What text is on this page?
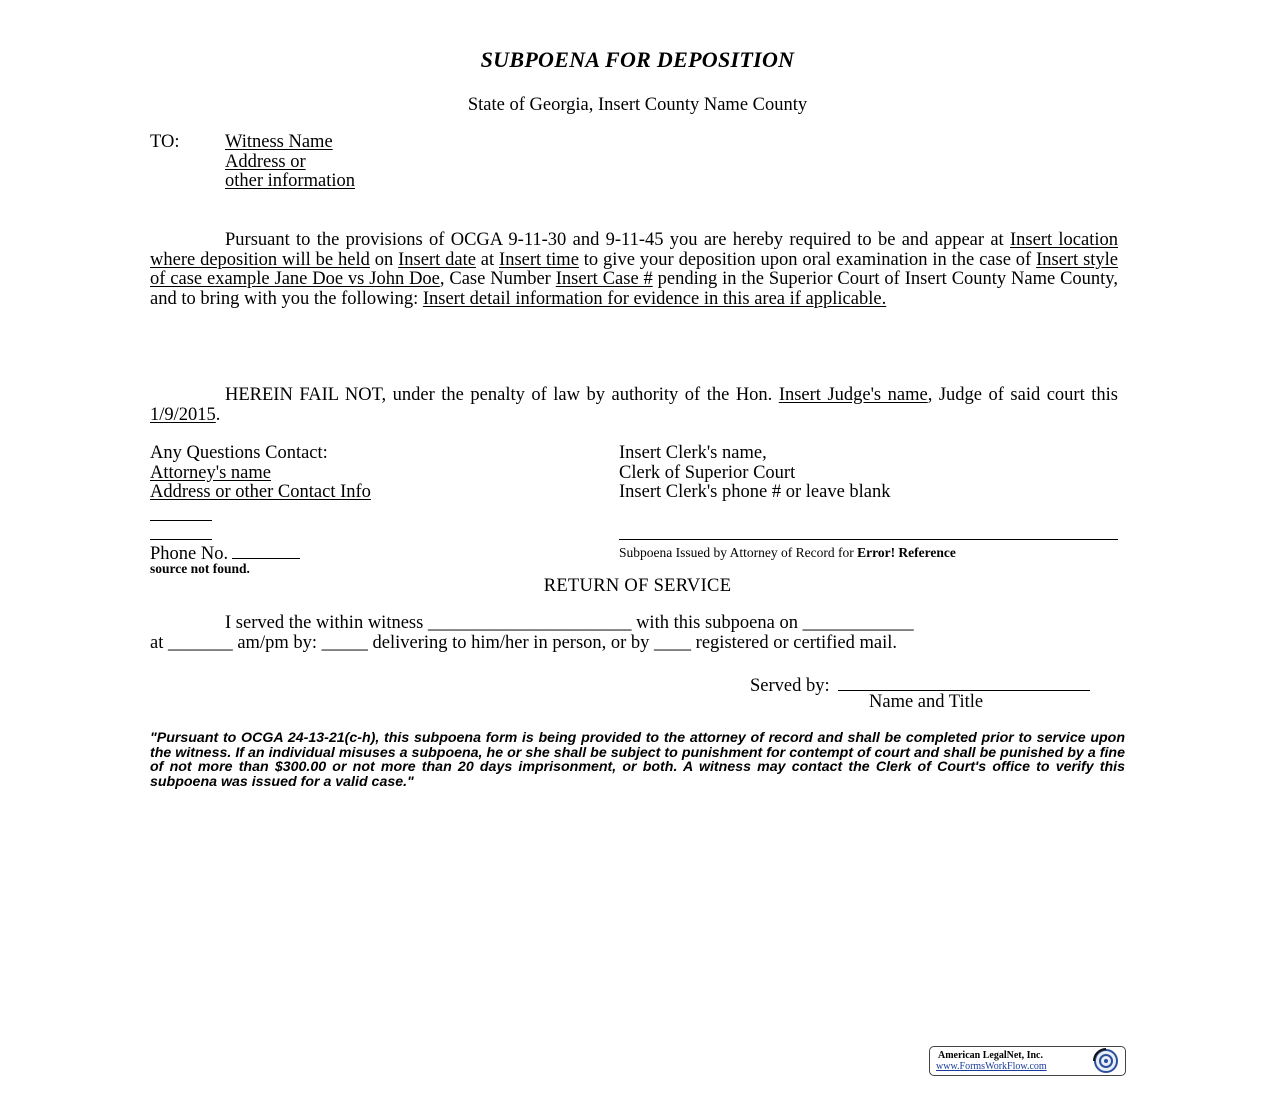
SUBPOENA FOR DEPOSITION
State of Georgia, Insert County Name County
TO: Witness Name
Address or
other information
Pursuant to the provisions of OCGA 9-11-30 and 9-11-45 you are hereby required to be and appear at Insert location where deposition will be held on Insert date at Insert time to give your deposition upon oral examination in the case of Insert style of case example Jane Doe vs John Doe, Case Number Insert Case # pending in the Superior Court of Insert County Name County, and to bring with you the following: Insert detail information for evidence in this area if applicable.
HEREIN FAIL NOT, under the penalty of law by authority of the Hon. Insert Judge's name, Judge of said court this 1/9/2015.
Any Questions Contact:
Attorney's name
Address or other Contact Info
Insert Clerk's name,
Clerk of Superior Court
Insert Clerk's phone # or leave blank
Phone No.	Subpoena Issued by Attorney of Record for Error! Reference
source not found.
RETURN OF SERVICE
I served the within witness ______________________ with this subpoena on ____________
at _______ am/pm by: _____ delivering to him/her in person, or by ____ registered or certified mail.
Served by:
Name and Title
"Pursuant to OCGA 24-13-21(c-h), this subpoena form is being provided to the attorney of record and shall be completed prior to service upon the witness. If an individual misuses a subpoena, he or she shall be subject to punishment for contempt of court and shall be punished by a fine of not more than $300.00 or not more than 20 days imprisonment, or both. A witness may contact the Clerk of Court's office to verify this subpoena was issued for a valid case."
American LegalNet, Inc.
www.FormsWorkFlow.com
